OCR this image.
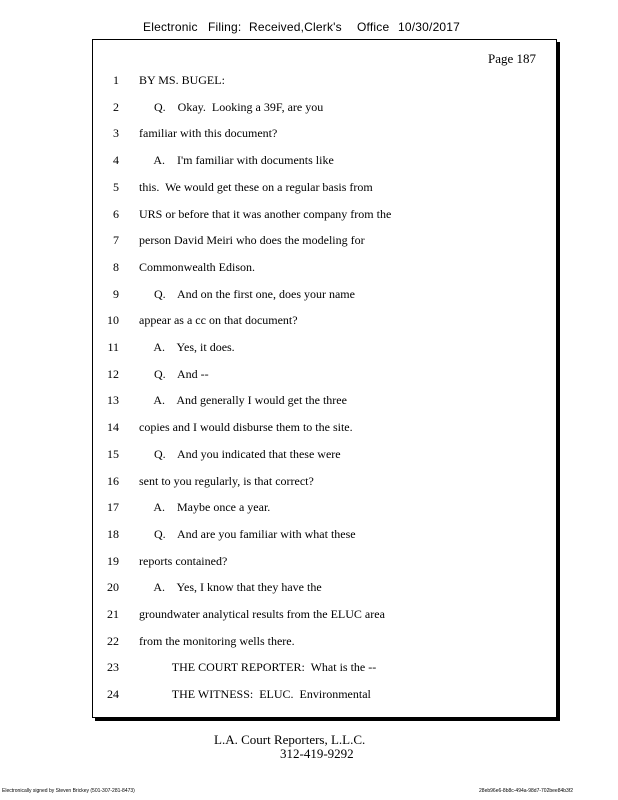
Electronic Filing: Received,Clerk's Office 10/30/2017
Page 187
1 BY MS. BUGEL:
2 Q.    Okay.  Looking a 39F, are you
3 familiar with this document?
4 A.    I'm familiar with documents like
5 this.  We would get these on a regular basis from
6 URS or before that it was another company from the
7 person David Meiri who does the modeling for
8 Commonwealth Edison.
9 Q.    And on the first one, does your name
10 appear as a cc on that document?
11 A.    Yes, it does.
12 Q.    And --
13 A.    And generally I would get the three
14 copies and I would disburse them to the site.
15 Q.    And you indicated that these were
16 sent to you regularly, is that correct?
17 A.    Maybe once a year.
18 Q.    And are you familiar with what these
19 reports contained?
20 A.    Yes, I know that they have the
21 groundwater analytical results from the ELUC area
22 from the monitoring wells there.
23 THE COURT REPORTER:  What is the --
24 THE WITNESS:  ELUC.  Environmental
L.A. Court Reporters, L.L.C.
312-419-9292
Electronically signed by Steven Brickey (501-307-281-8473)	28eb96e6-8b8c-494a-98d7-702bee84b3f2
